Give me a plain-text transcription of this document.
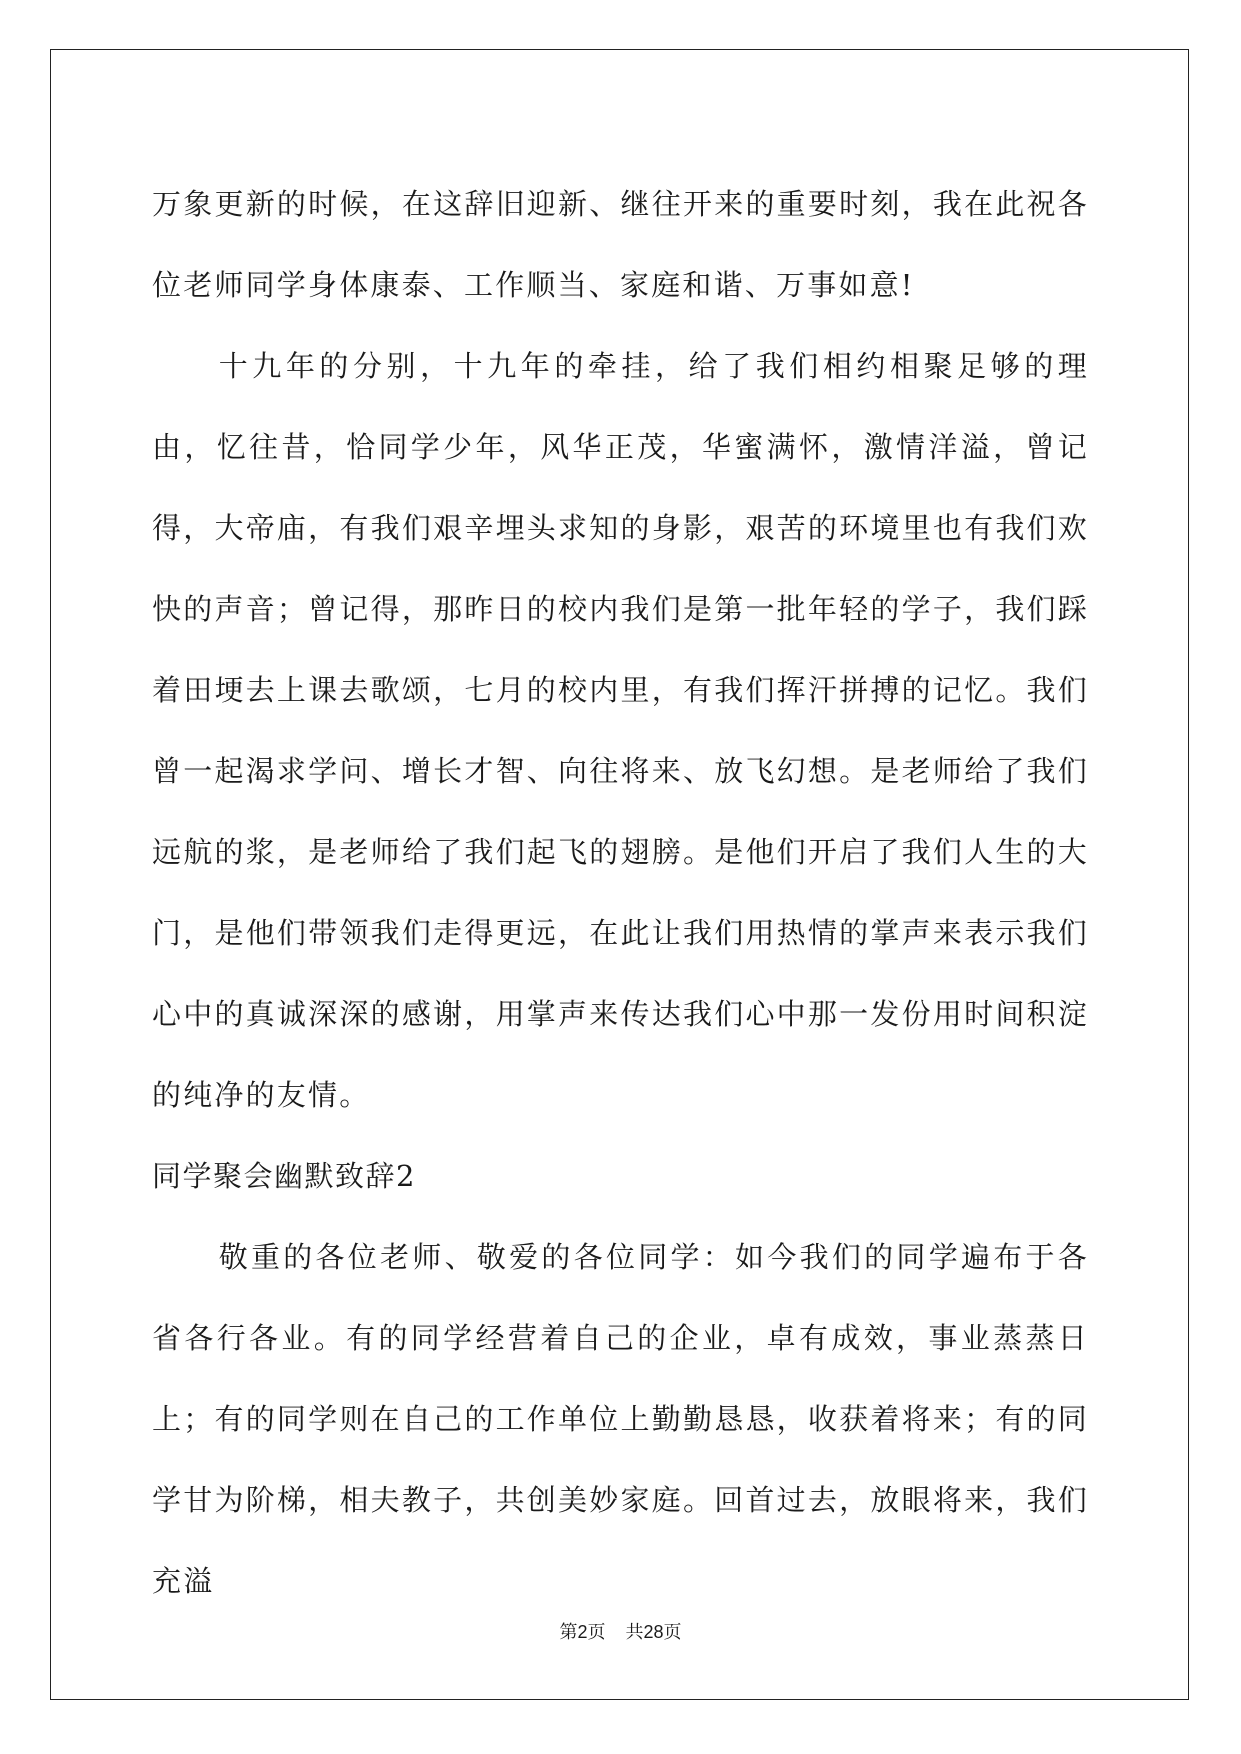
万象更新的时候，在这辞旧迎新、继往开来的重要时刻，我在此祝各位老师同学身体康泰、工作顺当、家庭和谐、万事如意!

十九年的分别，十九年的牵挂，给了我们相约相聚足够的理由，忆往昔，恰同学少年，风华正茂，华蜜满怀，激情洋溢，曾记得，大帝庙，有我们艰辛埋头求知的身影，艰苦的环境里也有我们欢快的声音；曾记得，那昨日的校内我们是第一批年轻的学子，我们踩着田埂去上课去歌颂，七月的校内里，有我们挥汗拼搏的记忆。我们曾一起渴求学问、增长才智、向往将来、放飞幻想。是老师给了我们远航的浆，是老师给了我们起飞的翅膀。是他们开启了我们人生的大门，是他们带领我们走得更远，在此让我们用热情的掌声来表示我们心中的真诚深深的感谢，用掌声来传达我们心中那一发份用时间积淀的纯净的友情。

同学聚会幽默致辞2

敬重的各位老师、敬爱的各位同学：如今我们的同学遍布于各省各行各业。有的同学经营着自己的企业，卓有成效，事业蒸蒸日上；有的同学则在自己的工作单位上勤勤恳恳，收获着将来；有的同学甘为阶梯，相夫教子，共创美妙家庭。回首过去，放眼将来，我们充溢

第2页 共28页
